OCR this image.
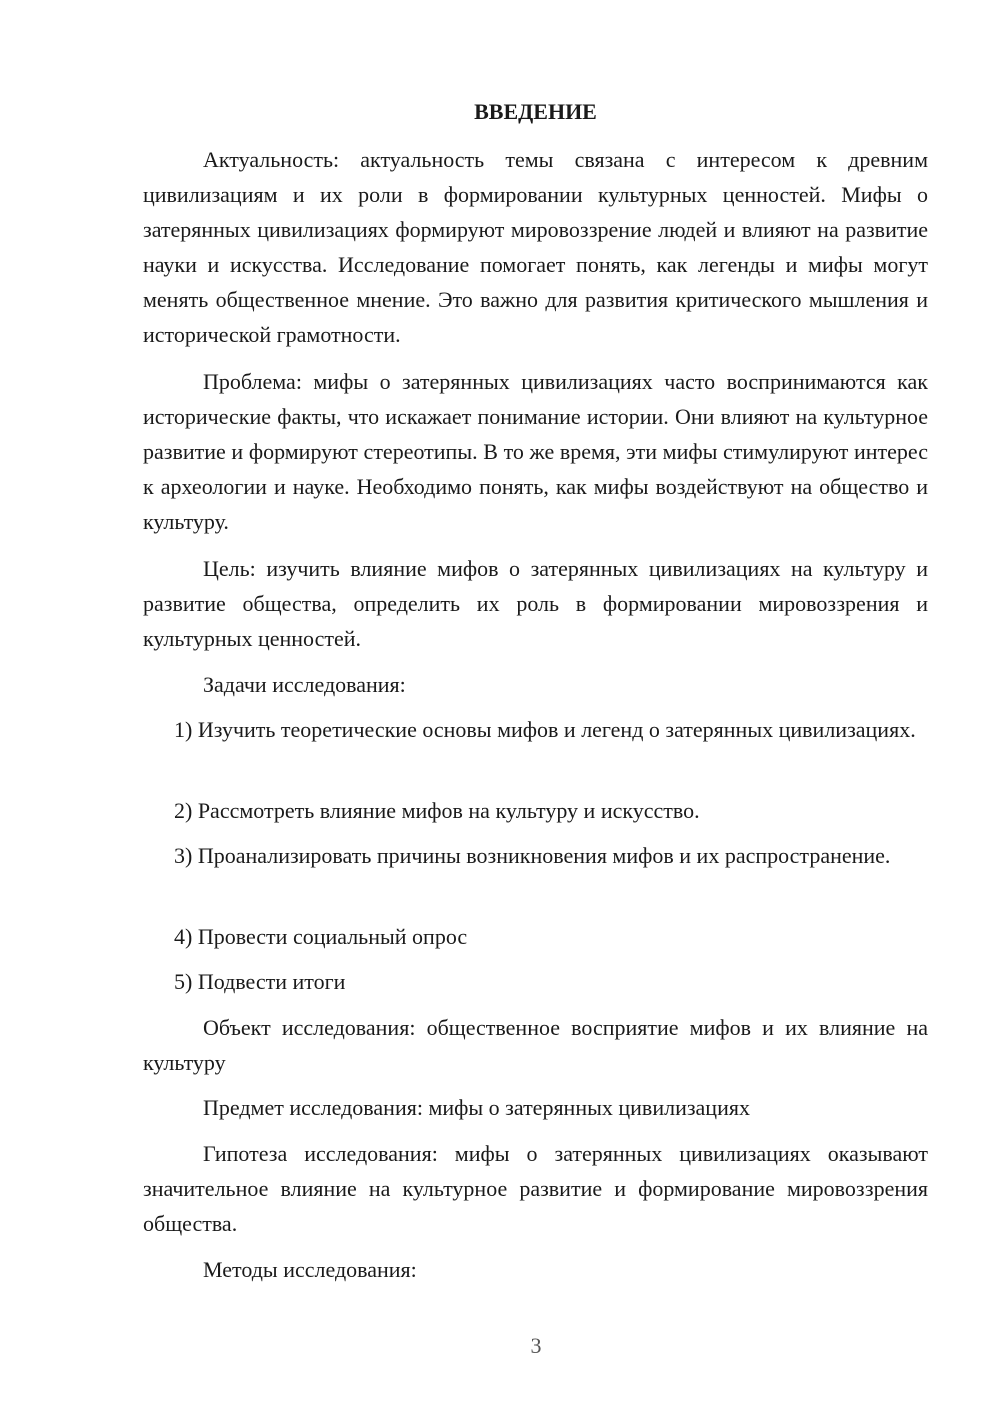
ВВЕДЕНИЕ

Актуальность: актуальность темы связана с интересом к древним цивилизациям и их роли в формировании культурных ценностей. Мифы о затерянных цивилизациях формируют мировоззрение людей и влияют на развитие науки и искусства. Исследование помогает понять, как легенды и мифы могут менять общественное мнение. Это важно для развития критического мышления и исторической грамотности.

Проблема: мифы о затерянных цивилизациях часто воспринимаются как исторические факты, что искажает понимание истории. Они влияют на культурное развитие и формируют стереотипы. В то же время, эти мифы стимулируют интерес к археологии и науке. Необходимо понять, как мифы воздействуют на общество и культуру.

Цель: изучить влияние мифов о затерянных цивилизациях на культуру и развитие общества, определить их роль в формировании мировоззрения и культурных ценностей.

Задачи исследования:

1) Изучить теоретические основы мифов и легенд о затерянных цивилизациях.

2) Рассмотреть влияние мифов на культуру и искусство.

3) Проанализировать причины возникновения мифов и их распространение.

4) Провести социальный опрос

5) Подвести итоги

Объект исследования: общественное восприятие мифов и их влияние на культуру

Предмет исследования: мифы о затерянных цивилизациях

Гипотеза исследования: мифы о затерянных цивилизациях оказывают значительное влияние на культурное развитие и формирование мировоззрения общества.

Методы исследования:

3
